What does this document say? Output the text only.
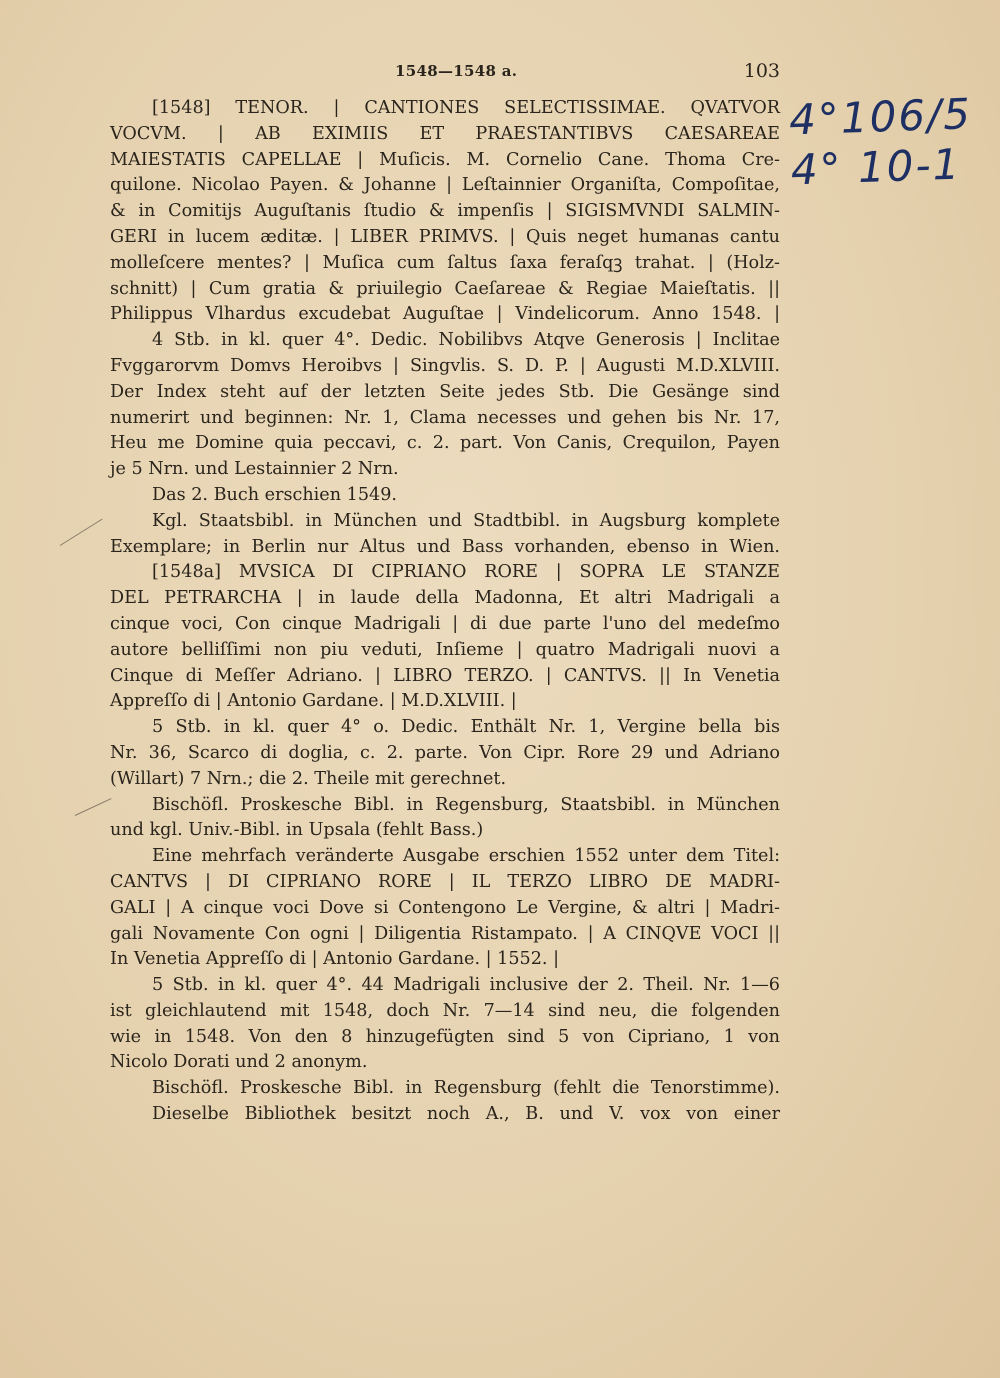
1548—1548 a.	103
4°106/5
4° 10-1
[1548] TENOR. | CANTIONES SELECTISSIMAE. QVATVOR
VOCVM. | AB EXIMIIS ET PRAESTANTIBVS CAESAREAE
MAIESTATIS CAPELLAE | Muſicis. M. Cornelio Cane. Thoma Cre-
quilone. Nicolao Payen. & Johanne | Leſtainnier Organiſta, Compoſitae,
& in Comitijs Auguſtanis ſtudio & impenſis | SIGISMVNDI SALMIN-
GERI in lucem æditæ. | LIBER PRIMVS. | Quis neget humanas cantu
molleſcere mentes? | Muſica cum ſaltus ſaxa feraſqꝫ trahat. | (Holz-
schnitt) | Cum gratia & priuilegio Caeſareae & Regiae Maieſtatis. ||
Philippus Vlhardus excudebat Auguſtae | Vindelicorum. Anno 1548. |
4 Stb. in kl. quer 4°. Dedic. Nobilibvs Atqve Generosis | Inclitae
Fvggarorvm Domvs Heroibvs | Singvlis. S. D. P. | Augusti M.D.XLVIII.
Der Index steht auf der letzten Seite jedes Stb. Die Gesänge sind
numerirt und beginnen: Nr. 1, Clama necesses und gehen bis Nr. 17,
Heu me Domine quia peccavi, c. 2. part. Von Canis, Crequilon, Payen
je 5 Nrn. und Lestainnier 2 Nrn.
Das 2. Buch erschien 1549.
Kgl. Staatsbibl. in München und Stadtbibl. in Augsburg komplete
Exemplare; in Berlin nur Altus und Bass vorhanden, ebenso in Wien.
[1548a] MVSICA DI CIPRIANO RORE | SOPRA LE STANZE
DEL PETRARCHA | in laude della Madonna, Et altri Madrigali a
cinque voci, Con cinque Madrigali | di due parte l'uno del medeſmo
autore belliſſimi non piu veduti, Inſieme | quatro Madrigali nuovi a
Cinque di Meſſer Adriano. | LIBRO TERZO. | CANTVS. || In Venetia
Appreſſo di | Antonio Gardane. | M.D.XLVIII. |
5 Stb. in kl. quer 4° o. Dedic. Enthält Nr. 1, Vergine bella bis
Nr. 36, Scarco di doglia, c. 2. parte. Von Cipr. Rore 29 und Adriano
(Willart) 7 Nrn.; die 2. Theile mit gerechnet.
Bischöfl. Proskesche Bibl. in Regensburg, Staatsbibl. in München
und kgl. Univ.-Bibl. in Upsala (fehlt Bass.)
Eine mehrfach veränderte Ausgabe erschien 1552 unter dem Titel:
CANTVS | DI CIPRIANO RORE | IL TERZO LIBRO DE MADRI-
GALI | A cinque voci Dove si Contengono Le Vergine, & altri | Madri-
gali Novamente Con ogni | Diligentia Ristampato. | A CINQVE VOCI ||
In Venetia Appreſſo di | Antonio Gardane. | 1552. |
5 Stb. in kl. quer 4°. 44 Madrigali inclusive der 2. Theil. Nr. 1—6
ist gleichlautend mit 1548, doch Nr. 7—14 sind neu, die folgenden
wie in 1548. Von den 8 hinzugefügten sind 5 von Cipriano, 1 von
Nicolo Dorati und 2 anonym.
Bischöfl. Proskesche Bibl. in Regensburg (fehlt die Tenorstimme).
Dieselbe Bibliothek besitzt noch A., B. und V. vox von einer
